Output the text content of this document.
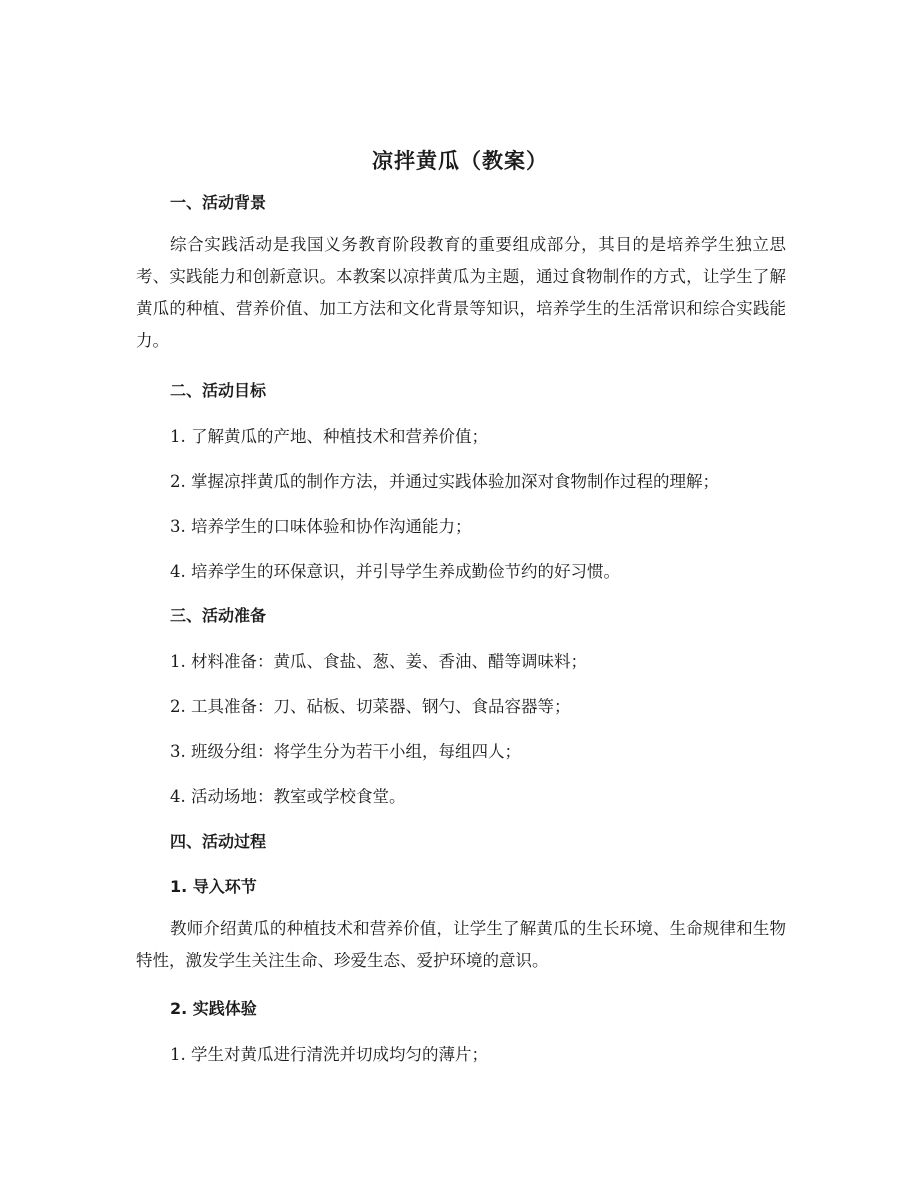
凉拌黄瓜（教案）
一、活动背景
综合实践活动是我国义务教育阶段教育的重要组成部分，其目的是培养学生独立思考、实践能力和创新意识。本教案以凉拌黄瓜为主题，通过食物制作的方式，让学生了解黄瓜的种植、营养价值、加工方法和文化背景等知识，培养学生的生活常识和综合实践能力。
二、活动目标
1. 了解黄瓜的产地、种植技术和营养价值；
2. 掌握凉拌黄瓜的制作方法，并通过实践体验加深对食物制作过程的理解；
3. 培养学生的口味体验和协作沟通能力；
4. 培养学生的环保意识，并引导学生养成勤俭节约的好习惯。
三、活动准备
1. 材料准备：黄瓜、食盐、葱、姜、香油、醋等调味料；
2. 工具准备：刀、砧板、切菜器、钢勺、食品容器等；
3. 班级分组：将学生分为若干小组，每组四人；
4. 活动场地：教室或学校食堂。
四、活动过程
1. 导入环节
教师介绍黄瓜的种植技术和营养价值，让学生了解黄瓜的生长环境、生命规律和生物特性，激发学生关注生命、珍爱生态、爱护环境的意识。
2. 实践体验
1. 学生对黄瓜进行清洗并切成均匀的薄片；
